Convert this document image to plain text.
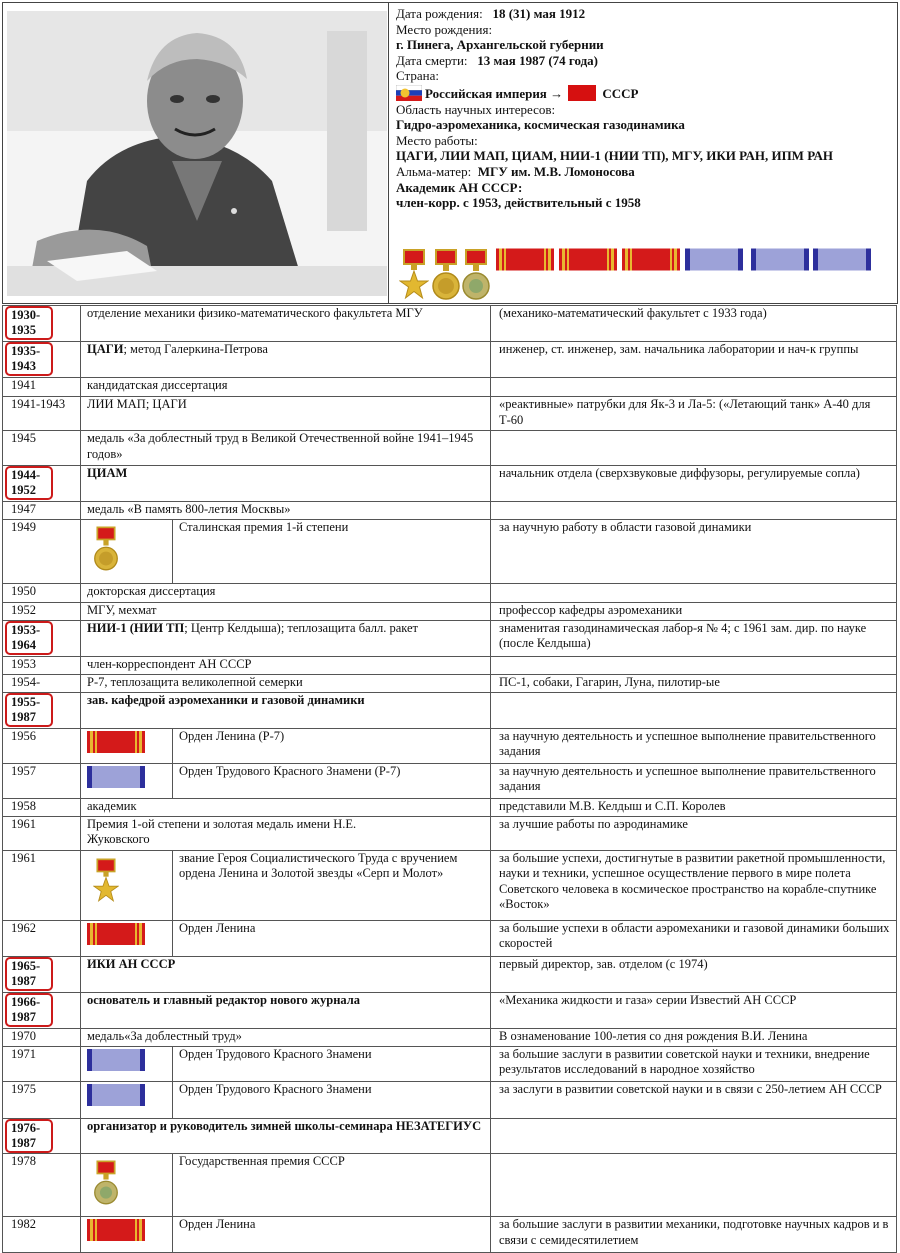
Дата рождения: 18 (31) мая 1912
Место рождения:
г. Пинега, Архангельской губернии
Дата смерти: 13 мая 1987 (74 года)
Страна:
Российская империя →	СССР
Область научных интересов:
Гидро-аэромеханика, космическая газодинамика
Место работы:
ЦАГИ, ЛИИ МАП, ЦИАМ, НИИ-1 (НИИ ТП), МГУ, ИКИ РАН, ИПМ РАН
Альма-матер: МГУ им. М.В. Ломоносова
Академик АН СССР:
член-корр. с 1953, действительный с 1958
1930-1935	отделение механики физико-математического факультета МГУ		(механико-математический факультет с 1933 года)
1935-1943	ЦАГИ; метод Галеркина-Петрова		инженер, ст. инженер, зам. начальника лаборатории и нач-к группы
1941	кандидатская диссертация		
1941-1943	ЛИИ МАП; ЦАГИ		«реактивные» патрубки для Як-3 и Ла-5: («Летающий танк» А-40 для Т-60
1945	медаль «За доблестный труд в Великой Отечественной войне 1941–1945 годов»		
1944-1952	ЦИАМ		начальник отдела (сверхзвуковые диффузоры, регулируемые сопла)
1947	медаль «В память 800-летия Москвы»		
1949		Сталинская премия 1-й степени	за научную работу в области газовой динамики
1950	докторская диссертация		
1952	МГУ, мехмат		профессор кафедры аэромеханики
1953-1964	НИИ-1 (НИИ ТП; Центр Келдыша); теплозащита балл. ракет		знаменитая газодинамическая лабор-я № 4; с 1961 зам. дир. по науке (после Келдыша)
1953	член-корреспондент АН СССР		
1954-	Р-7, теплозащита великолепной семерки		ПС-1, собаки, Гагарин, Луна, пилотир-ые
1955-1987	зав. кафедрой аэромеханики и газовой динамики		
1956		Орден Ленина (Р-7)	за научную деятельность и успешное выполнение правительственного задания
1957		Орден Трудового Красного Знамени (Р-7)	за научную деятельность и успешное выполнение правительственного задания
1958	академик		представили М.В. Келдыш и С.П. Королев
1961	Премия 1-ой степени и золотая медаль имени Н.Е. Жуковского		за лучшие работы по аэродинамике
1961		звание Героя Социалистического Труда с вручением ордена Ленина и Золотой звезды «Серп и Молот»	за большие успехи, достигнутые в развитии ракетной промышленности, науки и техники, успешное осуществление первого в мире полета Советского человека в космическое пространство на корабле-спутнике «Восток»
1962		Орден Ленина	за большие успехи в области аэромеханики и газовой динамики больших скоростей
1965-1987	ИКИ АН СССР		первый директор, зав. отделом (с 1974)
1966-1987	основатель и главный редактор нового журнала		«Механика жидкости и газа» серии Известий АН СССР
1970	медаль«За доблестный труд»		В ознаменование 100-летия со дня рождения В.И. Ленина
1971		Орден Трудового Красного Знамени	за большие заслуги в развитии советской науки и техники, внедрение результатов исследований в народное хозяйство
1975		Орден Трудового Красного Знамени	за заслуги в развитии советской науки и в связи с 250-летием АН СССР
1976-1987	организатор и руководитель зимней школы-семинара НЕЗАТЕГИУС		
1978		Государственная премия СССР	
1982		Орден Ленина	за большие заслуги в развитии механики, подготовке научных кадров и в связи с семидесятилетием
